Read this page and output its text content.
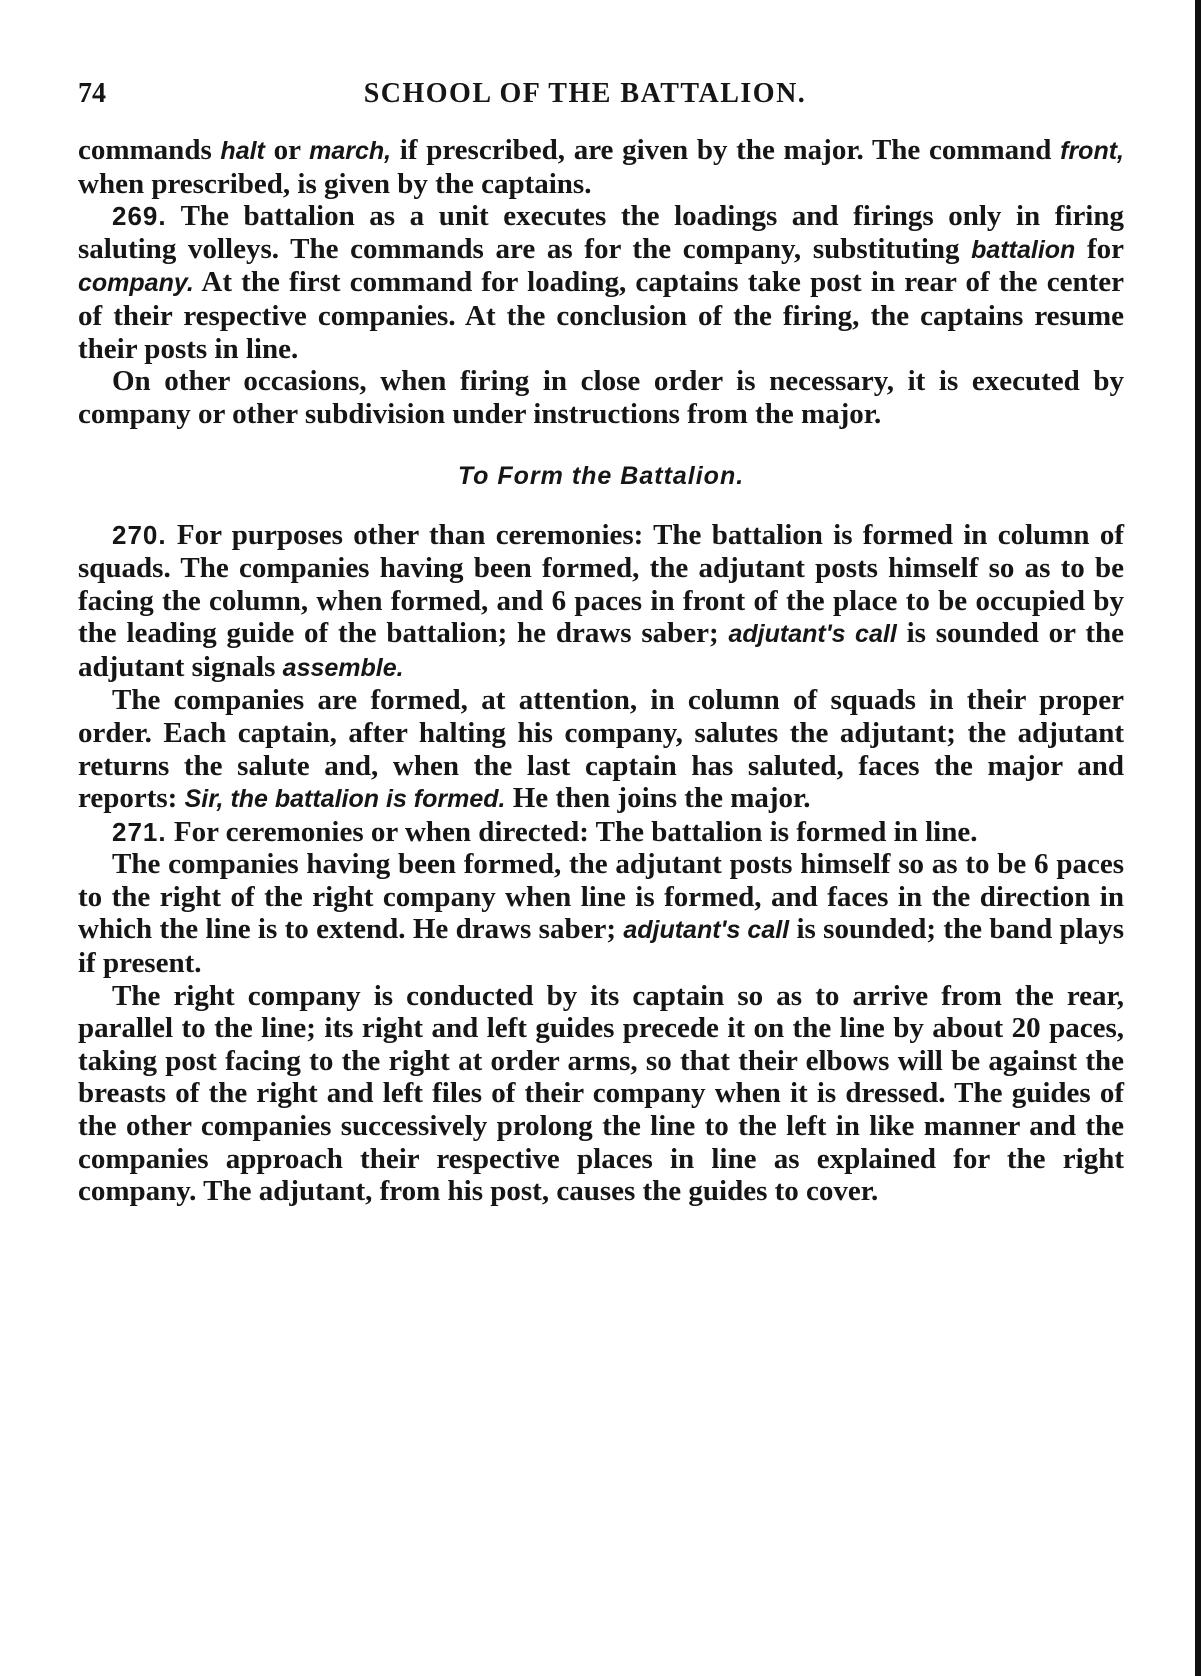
74	SCHOOL OF THE BATTALION.

commands halt or march, if prescribed, are given by the major. The command front, when prescribed, is given by the captains.

269. The battalion as a unit executes the loadings and firings only in firing saluting volleys. The commands are as for the company, substituting battalion for company. At the first command for loading, captains take post in rear of the center of their respective companies. At the conclusion of the firing, the captains resume their posts in line.

On other occasions, when firing in close order is necessary, it is executed by company or other subdivision under instructions from the major.

To Form the Battalion.

270. For purposes other than ceremonies: The battalion is formed in column of squads. The companies having been formed, the adjutant posts himself so as to be facing the column, when formed, and 6 paces in front of the place to be occupied by the leading guide of the battalion; he draws saber; adjutant's call is sounded or the adjutant signals assemble.

The companies are formed, at attention, in column of squads in their proper order. Each captain, after halting his company, salutes the adjutant; the adjutant returns the salute and, when the last captain has saluted, faces the major and reports: Sir, the battalion is formed. He then joins the major.

271. For ceremonies or when directed: The battalion is formed in line.

The companies having been formed, the adjutant posts himself so as to be 6 paces to the right of the right company when line is formed, and faces in the direction in which the line is to extend. He draws saber; adjutant's call is sounded; the band plays if present.

The right company is conducted by its captain so as to arrive from the rear, parallel to the line; its right and left guides precede it on the line by about 20 paces, taking post facing to the right at order arms, so that their elbows will be against the breasts of the right and left files of their company when it is dressed. The guides of the other companies successively prolong the line to the left in like manner and the companies approach their respective places in line as explained for the right company. The adjutant, from his post, causes the guides to cover.
